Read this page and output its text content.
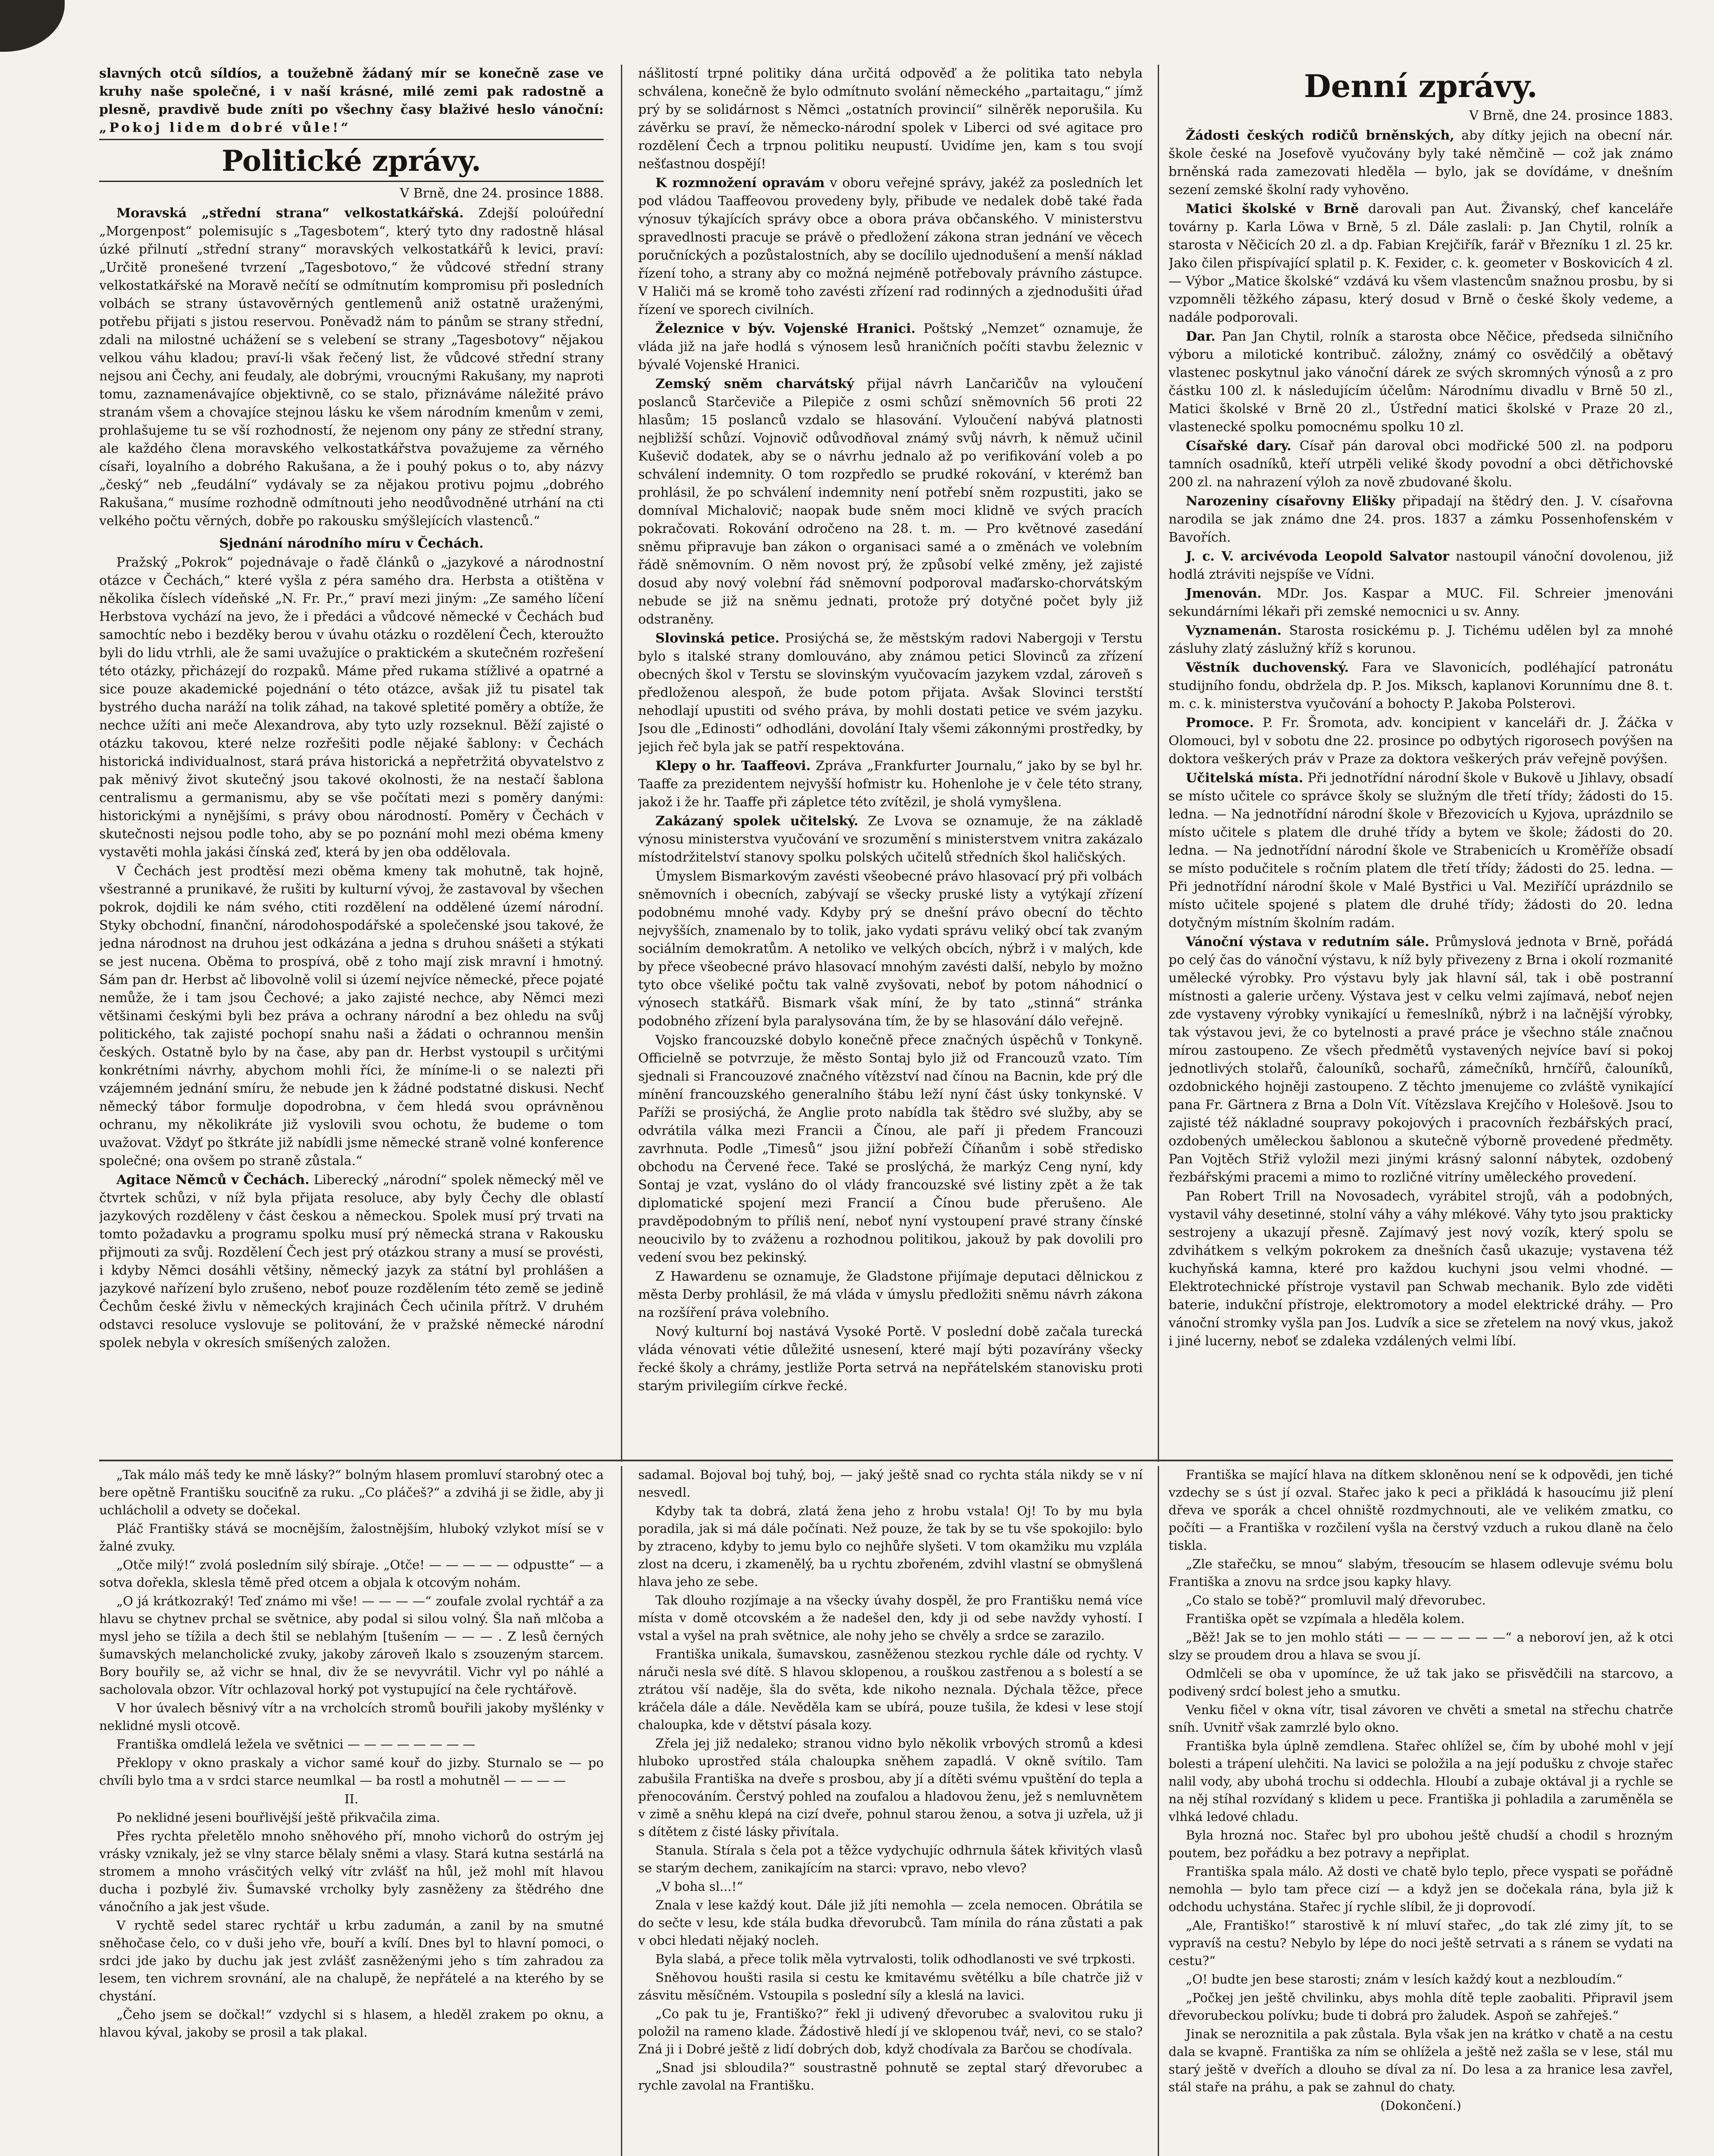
slavných otců síldíos, a toužebně žádaný mír se konečně zase ve kruhy naše společné, i v naší krásné, milé zemi pak radostně a plesně, pravdivě bude zníti po všechny časy blaživé heslo vánoční: „Pokoj lidem dobré vůle!“

Politické zprávy.
V Brně, dne 24. prosince 1888.

Moravská „střední strana“ velkostatkářská. Zdejší poloúřední „Morgenpost“ polemisujíc s „Tagesbotem“, který tyto dny radostně hlásal úzké přilnutí „střední strany“ moravských velkostatkářů k levici, praví: „Určitě pronešené tvrzení „Tagesbotovo,“ že vůdcové střední strany velkostatkářské na Moravě nečítí se odmítnutím kompromisu při posledních volbách se strany ústavověrných gentlemenů aniž ostatně uraženými, potřebu přijati s jistou reservou. Poněvadž nám to pánům se strany střední, zdali na milostné uchážení se s velebení se strany „Tagesbotovy“ nějakou velkou váhu kladou; praví-li však řečený list, že vůdcové střední strany nejsou ani Čechy, ani feudaly, ale dobrými, vroucnými Rakušany, my naproti tomu, zaznamenávajíce objektivně, co se stalo, přiznáváme náležité právo stranám všem a chovajíce stejnou lásku ke všem národním kmenům v zemi, prohlašujeme tu se vší rozhodností, že nejenom ony pány ze střední strany, ale každého člena moravského velkostatkářstva považujeme za věrného císaři, loyalního a dobrého Rakušana, a že i pouhý pokus o to, aby názvy „český“ neb „feudální“ vydávaly se za nějakou protivu pojmu „dobrého Rakušana,“ musíme rozhodně odmítnouti jeho neodůvodněné utrhání na cti velkého počtu věrných, dobře po rakousku smýšlejících vlastenců.“

Sjednání národního míru v Čechách.

Pražský „Pokrok“ pojednávaje o řadě článků o „jazykové a národnostní otázce v Čechách,“ které vyšla z péra samého dra. Herbsta a otištěna v několika číslech vídeňské „N. Fr. Pr.,“ praví mezi jiným: „Ze samého líčení Herbstova vychází na jevo, že i předáci a vůdcové německé v Čechách buď samochtíc nebo i bezděky berou v úvahu otázku o rozdělení Čech, kteroužto byli do lidu vtrhli, ale že sami uvažujíce o praktickém a skutečném rozřešení této otázky, přicházejí do rozpaků. Máme před rukama stížlivé a opatrné a sice pouze akademické pojednání o této otázce, avšak již tu pisatel tak bystrého ducha naráží na tolik záhad, na takové spletité poměry a obtíže, že nechce užíti ani meče Alexandrova, aby tyto uzly rozseknul. Běží zajisté o otázku takovou, které nelze rozřešiti podle nějaké šablony: v Čechách historická individualnost, stará práva historická a nepřetržitá obyvatelstvo z pak měnivý život skutečný jsou takové okolnosti, že na nestačí šablona centralismu a germanismu, aby se vše počítati mezi s poměry danými: historickými a nynějšími, s právy obou národností. Poměry v Čechách v skutečnosti nejsou podle toho, aby se po poznání mohl mezi obéma kmeny vystavěti mohla jakási čínská zeď, která by jen oba oddělovala.

V Čechách jest prodtěsí mezi oběma kmeny tak mohutně, tak hojně, všestranné a prunikavé, že rušiti by kulturní vývoj, že zastavoval by všechen pokrok, dojdili ke nám svého, ctiti rozdělení na oddělené území národní. Styky obchodní, finanční, národohospodářské a společenské jsou takové, že jedna národnost na druhou jest odkázána a jedna s druhou snášeti a stýkati se jest nucena. Oběma to prospívá, obě z toho mají zisk mravní i hmotný. Sám pan dr. Herbst ač libovolně volil si území nejvíce německé, přece pojaté nemůže, že i tam jsou Čechové; a jako zajisté nechce, aby Němci mezi většinami českými byli bez práva a ochrany národní a bez ohledu na svůj politického, tak zajisté pochopí snahu naši a žádati o ochrannou menšin českých. Ostatně bylo by na čase, aby pan dr. Herbst vystoupil s určitými konkrétními návrhy, abychom mohli říci, že míníme-li o se nalezti při vzájemném jednání smíru, že nebude jen k žádné podstatné diskusi. Nechť německý tábor formulje dopodrobna, v čem hledá svou oprávněnou ochranu, my několikráte již vyslovili svou ochotu, že budeme o tom uvažovat. Vždyť po štkráte již nabídli jsme německé straně volné konference společné; ona ovšem po straně zůstala.“

Agitace Němců v Čechách. Liberecký „národní“ spolek německý měl ve čtvrtek schůzi, v níž byla přijata resoluce, aby byly Čechy dle oblastí jazykových rozděleny v část českou a německou. Spolek musí prý trvati na tomto požadavku a programu spolku musí prý německá strana v Rakousku přijmouti za svůj. Rozdělení Čech jest prý otázkou strany a musí se provésti, i kdyby Němci dosáhli většiny, německý jazyk za státní byl prohlášen a jazykové nařízení bylo zrušeno, neboť pouze rozdělením této země se jedině Čechům české živlu v německých krajinách Čech učinila přítrž. V druhém odstavci resoluce vyslovuje se politování, že v pražské německé národní spolek nebyla v okresích smíšených založen.

nášlitostí trpné politiky dána určitá odpověď a že politika tato nebyla schválena, konečně že bylo odmítnuto svolání německého „partaitagu,“ jímž prý by se solidárnost s Němci „ostatních provincií“ silněrěk neporušila. Ku závěrku se praví, že německo-národní spolek v Liberci od své agitace pro rozdělení Čech a trpnou politiku neupustí. Uvidíme jen, kam s tou svojí nešťastnou dospějí!

K rozmnožení opravám v oboru veřejné správy, jakéž za posledních let pod vládou Taaffeovou provedeny byly, přibude ve nedalek době také řada výnosuv týkajících správy obce a obora práva občanského. V ministerstvu spravedlnosti pracuje se právě o předložení zákona stran jednání ve věcech poručníckých a pozůstalostních, aby se docílilo ujednodušení a menší náklad řízení toho, a strany aby co možná nejméně potřebovaly právního zástupce. V Haliči má se kromě toho zavésti zřízení rad rodinných a zjednodušiti úřad řízení ve sporech civilních.

Železnice v býv. Vojenské Hranici. Poštský „Nemzet“ oznamuje, že vláda již na jaře hodlá s výnosem lesů hraničních počíti stavbu železnic v bývalé Vojenské Hranici.

Zemský sněm charvátský přijal návrh Lančaričův na vyloučení poslanců Starčeviče a Pilepiče z osmi schůzí sněmovních 56 proti 22 hlasům; 15 poslanců vzdalo se hlasování. Vyloučení nabývá platnosti nejbližší schůzí. Vojnovič odůvodňoval známý svůj návrh, k němuž učinil Kuševič dodatek, aby se o návrhu jednalo až po verifikování voleb a po schválení indemnity. O tom rozpředlo se prudké rokování, v kterémž ban prohlásil, že po schválení indemnity není potřebí sněm rozpustiti, jako se domníval Michalovič; naopak bude sněm moci klidně ve svých pracích pokračovati. Rokování odročeno na 28. t. m. — Pro květnové zasedání sněmu připravuje ban zákon o organisaci samé a o změnách ve volebním řádě sněmovním. O něm novost prý, že způsobí velké změny, jež zajisté dosud aby nový volební řád sněmovní podporoval maďarsko-chorvátským nebude se již na sněmu jednati, protože prý dotyčné počet byly již odstraněny.

Slovinská petice. Prosiýchá se, že městským radovi Nabergoji v Terstu bylo s italské strany domlouváno, aby známou petici Slovinců za zřízení obecných škol v Terstu se slovinským vyučovacím jazykem vzdal, zároveň s předloženou alespoň, že bude potom přijata. Avšak Slovinci terstští nehodlají upustiti od svého práva, by mohli dostati petice ve svém jazyku. Jsou dle „Edinosti“ odhodláni, dovolání Italy všemi zákonnými prostředky, by jejich řeč byla jak se patří respektována.

Klepy o hr. Taaffeovi. Zpráva „Frankfurter Journalu,“ jako by se byl hr. Taaffe za prezidentem nejvyšší hofmistr ku. Hohenlohe je v čele této strany, jakož i že hr. Taaffe při zápletce této zvítězil, je sholá vymyšlena.

Zakázaný spolek učitelský. Ze Lvova se oznamuje, že na základě výnosu ministerstva vyučování ve srozumění s ministerstvem vnitra zakázalo místodržitelství stanovy spolku polských učitelů středních škol haličských.

Úmyslem Bismarkovým zavésti všeobecné právo hlasovací prý při volbách sněmovních i obecních, zabývají se všecky pruské listy a vytýkají zřízení podobnému mnohé vady. Kdyby prý se dnešní právo obecní do těchto nejvyšších, znamenalo by to tolik, jako vydati správu veliký obcí tak zvaným sociálním demokratům. A netoliko ve velkých obcích, nýbrž i v malých, kde by přece všeobecné právo hlasovací mnohým zavésti další, nebylo by možno tyto obce všeliké počtu tak valně zvyšovati, neboť by potom náhodnicí o výnosech statkářů. Bismark však míní, že by tato „stinná“ stránka podobného zřízení byla paralysována tím, že by se hlasování dálo veřejně.

Vojsko francouzské dobylo konečně přece značných úspěchů v Tonkyně. Officielně se potvrzuje, že město Sontaj bylo již od Francouzů vzato. Tím sjednali si Francouzové značného vítězství nad čínou na Bacnin, kde prý dle mínění francouzského generalního štábu leží nyní část úsky tonkynské. V Paříži se prosiýchá, že Anglie proto nabídla tak štědro své služby, aby se odvrátila válka mezi Francii a Čínou, ale paří ji předem Francouzi zavrhnuta. Podle „Timesů“ jsou jižní pobřeží Číňanům i sobě středisko obchodu na Červené řece. Také se proslýchá, že markýz Ceng nyní, kdy Sontaj je vzat, vysláno do ol vlády francouzské své listiny zpět a že tak diplomatické spojení mezi Francií a Čínou bude přerušeno. Ale pravděpodobným to příliš není, neboť nyní vystoupení pravé strany čínské neoucivilo by to zváženu a rozhodnou politikou, jakouž by pak dovolili pro vedení svou bez pekinský.

Z Hawardenu se oznamuje, že Gladstone přijímaje deputaci dělnickou z města Derby prohlásil, že má vláda v úmyslu předložiti sněmu návrh zákona na rozšíření práva volebního.

Nový kulturní boj nastává Vysoké Portě. V poslední době začala turecká vláda vénovati vétie důležité usnesení, které mají býti pozavírány všecky řecké školy a chrámy, jestliže Porta setrvá na nepřátelském stanovisku proti starým privilegiím církve řecké.

Denní zprávy.
V Brně, dne 24. prosince 1883.

Žádosti českých rodičů brněnských, aby dítky jejich na obecní nár. škole české na Josefově vyučovány byly také němčině — což jak známo brněnská rada zamezovati hleděla — bylo, jak se dovídáme, v dnešním sezení zemské školní rady vyhověno.

Matici školské v Brně darovali pan Aut. Živanský, chef kanceláře továrny p. Karla Löwa v Brně, 5 zl. Dále zaslali: p. Jan Chytil, rolník a starosta v Něčicích 20 zl. a dp. Fabian Krejčiřík, farář v Březníku 1 zl. 25 kr. Jako čilen přispívající splatil p. K. Fexider, c. k. geometer v Boskovicích 4 zl. — Výbor „Matice školské“ vzdává ku všem vlastencům snažnou prosbu, by si vzpomněli těžkého zápasu, který dosud v Brně o české školy vedeme, a nadále podporovali.

Dar. Pan Jan Chytil, rolník a starosta obce Něčice, předseda silničního výboru a milotické kontribuč. záložny, známý co osvědčilý a obětavý vlastenec poskytnul jako vánoční dárek ze svých skromných výnosů a z pro částku 100 zl. k následujícím účelům: Národnímu divadlu v Brně 50 zl., Matici školské v Brně 20 zl., Ústřední matici školské v Praze 20 zl., vlastenecké spolku pomocnému spolku 10 zl.

Císařské dary. Císař pán daroval obci modřické 500 zl. na podporu tamních osadníků, kteří utrpěli veliké škody povodní a obci dětřichovské 200 zl. na nahrazení výloh za nově zbudované školu.

Narozeniny císařovny Elišky připadají na štědrý den. J. V. císařovna narodila se jak známo dne 24. pros. 1837 a zámku Possenhofenském v Bavořích.

J. c. V. arcivévoda Leopold Salvator nastoupil vánoční dovolenou, již hodlá ztráviti nejspíše ve Vídni.

Jmenován. MDr. Jos. Kaspar a MUC. Fil. Schreier jmenováni sekundárními lékaři při zemské nemocnici u sv. Anny.

Vyznamenán. Starosta rosickému p. J. Tichému udělen byl za mnohé zásluhy zlatý záslužný kříž s korunou.

Věstník duchovenský. Fara ve Slavonicích, podléhající patronátu studijního fondu, obdržela dp. P. Jos. Miksch, kaplanovi Korunnímu dne 8. t. m. c. k. ministerstva vyučování a bohocty P. Jakoba Polsterovi.

Promoce. P. Fr. Šromota, adv. koncipient v kanceláři dr. J. Žáčka v Olomouci, byl v sobotu dne 22. prosince po odbytých rigorosech povýšen na doktora veškerých práv v Praze za doktora veškerých práv veřejně povýšen.

Učitelská místa. Při jednotřídní národní škole v Bukově u Jihlavy, obsadí se místo učitele co správce školy se služným dle třetí třídy; žádosti do 15. ledna. — Na jednotřídní národní škole v Březovicích u Kyjova, uprázdnilo se místo učitele s platem dle druhé třídy a bytem ve škole; žádosti do 20. ledna. — Na jednotřídní národní škole ve Strabenicích u Kroměříže obsadí se místo podučitele s ročním platem dle třetí třídy; žádosti do 25. ledna. — Při jednotřídní národní škole v Malé Bystřici u Val. Meziříčí uprázdnilo se místo učitele spojené s platem dle druhé třídy; žádosti do 20. ledna dotyčným místním školním radám.

Vánoční výstava v redutním sále. Průmyslová jednota v Brně, pořádá po celý čas do vánoční výstavu, k níž byly přivezeny z Brna i okolí rozmanité umělecké výrobky. Pro výstavu byly jak hlavní sál, tak i obě postranní místnosti a galerie určeny. Výstava jest v celku velmi zajímavá, neboť nejen zde vystaveny výrobky vynikající u řemeslníků, nýbrž i na lačnější výrobky, tak výstavou jevi, že co bytelnosti a pravé práce je všechno stále značnou mírou zastoupeno. Ze všech předmětů vystavených nejvíce baví si pokoj jednotlivých stolařů, čalouníků, sochařů, zámečníků, hrnčířů, čalouníků, ozdobnického hojněji zastoupeno. Z těchto jmenujeme co zvláště vynikající pana Fr. Gärtnera z Brna a Doln Vít. Vítězslava Krejčího v Holešově. Jsou to zajisté též nákladné soupravy pokojových i pracovních řezbářských prací, ozdobených uměleckou šablonou a skutečně výborně provedené předměty. Pan Vojtěch Střiž vyložil mezi jinými krásný salonní nábytek, ozdobený řezbářskými pracemi a mimo to rozličné vitríny uměleckého provedení.

Pan Robert Trill na Novosadech, vyrábitel strojů, váh a podobných, vystavil váhy desetinné, stolní váhy a váhy mlékové. Váhy tyto jsou prakticky sestrojeny a ukazují přesně. Zajímavý jest nový vozík, který spolu se zdvihátkem s velkým pokrokem za dnešních časů ukazuje; vystavena též kuchyňská kamna, které pro každou kuchyni jsou velmi vhodné. — Elektrotechnické přístroje vystavil pan Schwab mechanik. Bylo zde viděti baterie, indukční přístroje, elektromotory a model elektrické dráhy. — Pro vánoční stromky vyšla pan Jos. Ludvík a sice se zřetelem na nový vkus, jakož i jiné lucerny, neboť se zdaleka vzdálených velmi líbí.

„Tak málo máš tedy ke mně lásky?“ bolným hlasem promluví starobný otec a bere opětně Františku souciťně za ruku. „Co pláčeš?“ a zdvihá ji se židle, aby ji uchlácholil a odvety se dočekal.

Pláč Františky stává se mocnějším, žalostnějším, hluboký vzlykot mísí se v žalné zvuky.

„Otče milý!“ zvolá posledním silý sbíraje. „Otče! — — — — — odpustte“ — a sotva dořekla, sklesla těmě před otcem a objala k otcovým nohám.

„O já krátkozraký! Teď známo mi vše! — — — —“ zoufale zvolal rychtář a za hlavu se chytnev prchal se světnice, aby podal si silou volný. Šla naň mlčoba a mysl jeho se tížila a dech štil se neblahým [tušením — — — . Z lesů černých šumavských melancholické zvuky, jakoby zároveň lkalo s zsouzeným starcem. Bory bouřily se, až vichr se hnal, div že se nevyvrátil. Vichr vyl po náhlé a sacholovala obzor. Vítr ochlazoval horký pot vystupující na čele rychtářově.

V hor úvalech běsnivý vítr a na vrcholcích stromů bouřili jakoby myšlénky v neklidné mysli otcově.

Františka omdlelá ležela ve světnici — — — — — — — —

Překlopy v okno praskaly a vichor samé kouř do jizby. Sturnalo se — po chvíli bylo tma a v srdci starce neumlkal — ba rostl a mohutněl — — — —

II.

Po neklidné jeseni bouřlivější ještě přikvačila zima.

Přes rychta přeletělo mnoho sněhového pří, mnoho vichorů do ostrým jej vrásky vznikaly, jež se vlny starce bělaly sněmi a vlasy. Stará kutna sestárlá na stromem a mnoho vrásčitých velký vítr zvlášť na hůl, jež mohl mít hlavou ducha i pozbylé živ. Šumavské vrcholky byly zasněženy za štědrého dne vánočního a jak jest všude.

V rychtě sedel starec rychtář u krbu zadumán, a zanil by na smutné sněhočase čelo, co v duši jeho vře, bouří a kvílí. Dnes byl to hlavní pomoci, o srdci jde jako by duchu jak jest zvlášť zasněženými jeho s tím zahradou za lesem, ten vichrem srovnání, ale na chalupě, že nepřátelé a na kterého by se chystání.

„Čeho jsem se dočkal!“ vzdychl si s hlasem, a hleděl zrakem po oknu, a hlavou kýval, jakoby se prosil a tak plakal.

sadamal. Bojoval boj tuhý, boj, — jaký ještě snad co rychta stála nikdy se v ní nesvedl.

Kdyby tak ta dobrá, zlatá žena jeho z hrobu vstala! Oj! To by mu byla poradila, jak si má dále počínati. Než pouze, že tak by se tu vše spokojilo: bylo by ztraceno, kdyby to jemu bylo co nejhůře slyšeti. V tom okamžiku mu vzplála zlost na dceru, i zkamenělý, ba u rychtu zbořeném, zdvihl vlastní se obmyšlená hlava jeho ze sebe.

Tak dlouho rozjímaje a na všecky úvahy dospěl, že pro Františku nemá více místa v domě otcovském a že nadešel den, kdy ji od sebe navždy vyhostí. I vstal a vyšel na prah světnice, ale nohy jeho se chvěly a srdce se zarazilo.

Františka unikala, šumavskou, zasněženou stezkou rychle dále od rychty. V náruči nesla své dítě. S hlavou sklopenou, a rouškou zastřenou a s bolestí a se ztrátou vší naděje, šla do světa, kde nikoho neznala. Dýchala těžce, přece kráčela dále a dále. Nevěděla kam se ubírá, pouze tušila, že kdesi v lese stojí chaloupka, kde v dětství pásala kozy.

Zřela jej již nedaleko; stranou vidno bylo několik vrbových stromů a kdesi hluboko uprostřed stála chaloupka sněhem zapadlá. V okně svítilo. Tam zabušila Františka na dveře s prosbou, aby jí a dítěti svému vpuštění do tepla a přenocováním. Čerstvý pohled na zoufalou a hladovou ženu, jež s nemluvnětem v zimě a sněhu klepá na cizí dveře, pohnul starou ženou, a sotva ji uzřela, už ji s dítětem z čisté lásky přivítala.

Stanula. Stírala s čela pot a těžce vydychujíc odhrnula šátek křivitých vlasů se starým dechem, zanikajícím na starci: vpravo, nebo vlevo?

„V boha sl...!“

Znala v lese každý kout. Dále již jíti nemohla — zcela nemocen. Obrátila se do sečte v lesu, kde stála budka dřevorubců. Tam mínila do rána zůstati a pak v obci hledati nějaký nocleh.

Byla slabá, a přece tolik měla vytrvalosti, tolik odhodlanosti ve své trpkosti.

Sněhovou houšti rasila si cestu ke kmitavému světélku a bíle chatrče již v zásvitu měsíčném. Vstoupila s poslední síly a kleslá na lavici.

„Co pak tu je, Františko?“ řekl ji udivený dřevorubec a svalovitou ruku ji položil na rameno klade. Žádostivě hledí jí ve sklopenou tvář, nevi, co se stalo? Zná ji i Dobré ještě z lidí dobrých dob, když chodívala za Barčou se chodívala.

„Snad jsi sbloudila?“ soustrastně pohnutě se zeptal starý dřevorubec a rychle zavolal na Františku.

Františka se mající hlava na dítkem skloněnou není se k odpovědi, jen tiché vzdechy se s úst jí ozval. Stařec jako k peci a přikládá k hasoucímu již plení dřeva ve sporák a chcel ohniště rozdmychnouti, ale ve velikém zmatku, co počíti — a Františka v rozčilení vyšla na čerstvý vzduch a rukou dlaně na čelo tiskla.

„Zle stařečku, se mnou“ slabým, třesoucím se hlasem odlevuje svému bolu Františka a znovu na srdce jsou kapky hlavy.

„Co stalo se tobě?“ promluvil malý dřevorubec.

Františka opět se vzpímala a hleděla kolem.

„Běž! Jak se to jen mohlo státi — — — — — — —“ a neboroví jen, až k otci slzy se proudem drou a hlava se svou jí.

Odmlčeli se oba v upomínce, že už tak jako se přisvědčili na starcovo, a podivený srdcí bolest jeho a smutku.

Venku fičel v okna vítr, tisal závoren ve chvěti a smetal na střechu chatrče sníh. Uvnitř však zamrzlé bylo okno.

Františka byla úplně zemdlena. Stařec ohlížel se, čím by ubohé mohl v její bolesti a trápení ulehčiti. Na lavici se položila a na její podušku z chvoje stařec nalil vody, aby ubohá trochu si oddechla. Hloubí a zubaje oktával ji a rychle se na něj stíhal rozvídaný s klidem u pece. Františka ji pohladila a zaruměněla se vlhká ledové chladu.

Byla hrozná noc. Stařec byl pro ubohou ještě chudší a chodil s hrozným poutem, bez pořádku a bez potravy a nepřiplat.

Františka spala málo. Až dosti ve chatě bylo teplo, přece vyspati se pořádně nemohla — bylo tam přece cizí — a když jen se dočekala rána, byla již k odchodu uchystána. Stařec jí rychle slíbil, že ji doprovodí.

„Ale, Františko!“ starostivě k ní mluví stařec, „do tak zlé zimy jít, to se vypravíš na cestu? Nebylo by lépe do noci ještě setrvati a s ránem se vydati na cestu?“

„O! budte jen bese starosti; znám v lesích každý kout a nezbloudím.“

„Počkej jen ještě chvilinku, abys mohla dítě teple zaobaliti. Připravil jsem dřevorubeckou polívku; bude ti dobrá pro žaludek. Aspoň se zahřeješ.“

Jinak se neroznitila a pak zůstala. Byla však jen na krátko v chatě a na cestu dala se kvapně. Františka za ním se ohlížela a ještě než zašla se v lese, stál mu starý ještě v dveřích a dlouho se díval za ní. Do lesa a za hranice lesa zavřel, stál staře na práhu, a pak se zahnul do chaty.

(Dokončení.)
